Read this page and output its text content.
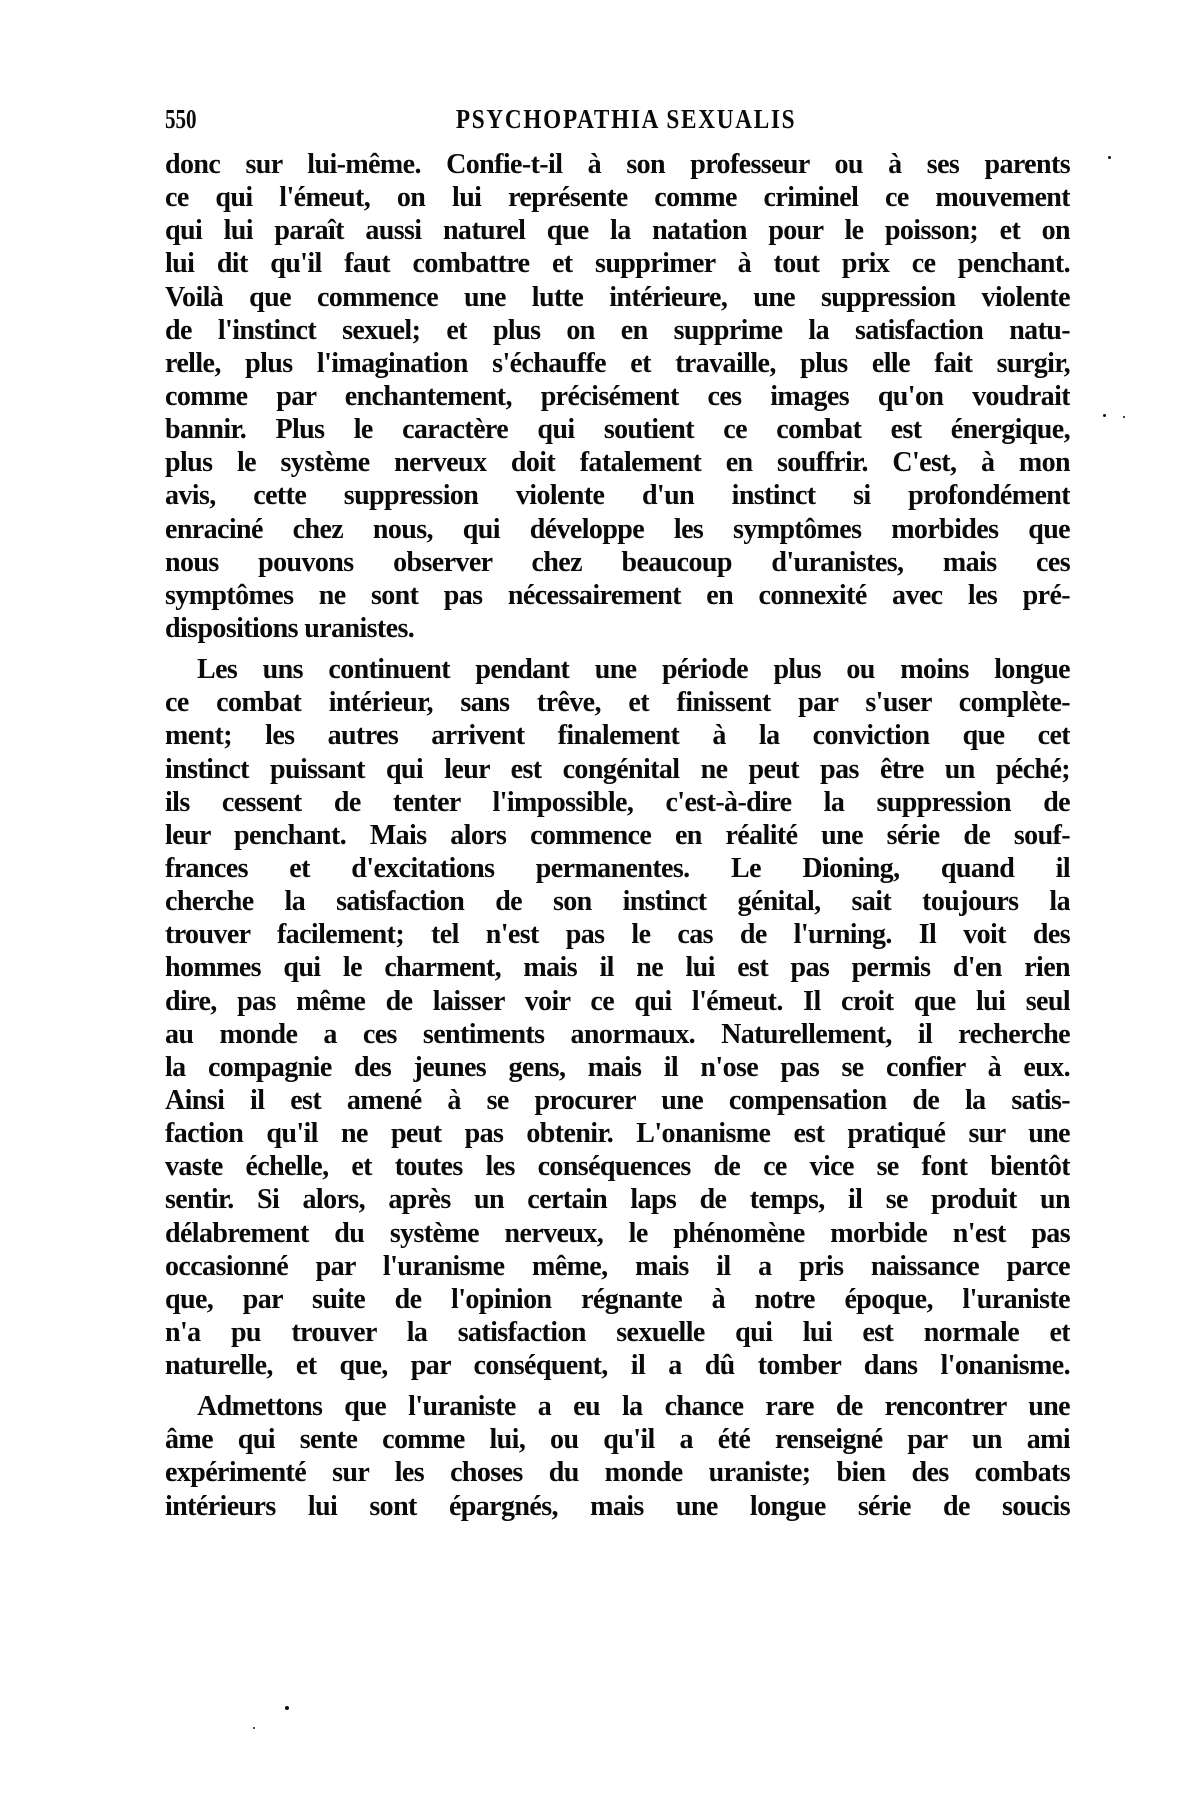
550	PSYCHOPATHIA SEXUALIS
donc sur lui-même. Confie-t-il à son professeur ou à ses parents
ce qui l'émeut, on lui représente comme criminel ce mouvement
qui lui paraît aussi naturel que la natation pour le poisson; et on
lui dit qu'il faut combattre et supprimer à tout prix ce penchant.
Voilà que commence une lutte intérieure, une suppression violente
de l'instinct sexuel; et plus on en supprime la satisfaction natu-
relle, plus l'imagination s'échauffe et travaille, plus elle fait surgir,
comme par enchantement, précisément ces images qu'on voudrait
bannir. Plus le caractère qui soutient ce combat est énergique,
plus le système nerveux doit fatalement en souffrir. C'est, à mon
avis, cette suppression violente d'un instinct si profondément
enraciné chez nous, qui développe les symptômes morbides que
nous pouvons observer chez beaucoup d'uranistes, mais ces
symptômes ne sont pas nécessairement en connexité avec les pré-
dispositions uranistes.
Les uns continuent pendant une période plus ou moins longue
ce combat intérieur, sans trêve, et finissent par s'user complète-
ment; les autres arrivent finalement à la conviction que cet
instinct puissant qui leur est congénital ne peut pas être un péché;
ils cessent de tenter l'impossible, c'est-à-dire la suppression de
leur penchant. Mais alors commence en réalité une série de souf-
frances et d'excitations permanentes. Le Dioning, quand il
cherche la satisfaction de son instinct génital, sait toujours la
trouver facilement; tel n'est pas le cas de l'urning. Il voit des
hommes qui le charment, mais il ne lui est pas permis d'en rien
dire, pas même de laisser voir ce qui l'émeut. Il croit que lui seul
au monde a ces sentiments anormaux. Naturellement, il recherche
la compagnie des jeunes gens, mais il n'ose pas se confier à eux.
Ainsi il est amené à se procurer une compensation de la satis-
faction qu'il ne peut pas obtenir. L'onanisme est pratiqué sur une
vaste échelle, et toutes les conséquences de ce vice se font bientôt
sentir. Si alors, après un certain laps de temps, il se produit un
délabrement du système nerveux, le phénomène morbide n'est pas
occasionné par l'uranisme même, mais il a pris naissance parce
que, par suite de l'opinion régnante à notre époque, l'uraniste
n'a pu trouver la satisfaction sexuelle qui lui est normale et
naturelle, et que, par conséquent, il a dû tomber dans l'onanisme.
Admettons que l'uraniste a eu la chance rare de rencontrer une
âme qui sente comme lui, ou qu'il a été renseigné par un ami
expérimenté sur les choses du monde uraniste; bien des combats
intérieurs lui sont épargnés, mais une longue série de soucis
